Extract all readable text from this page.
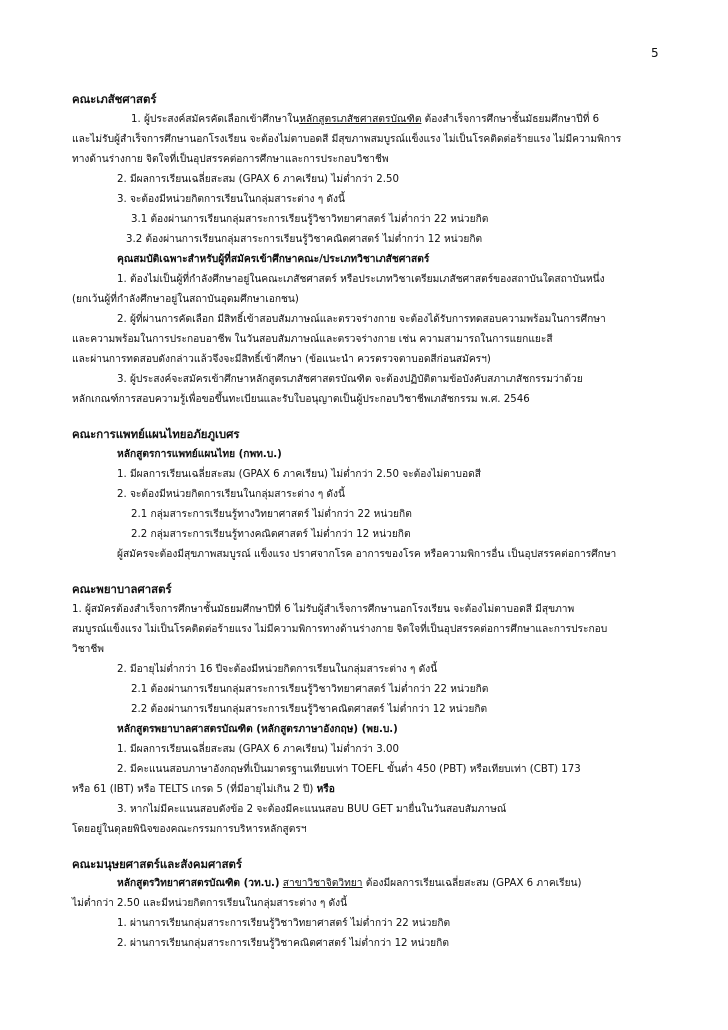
5
คณะเภสัชศาสตร์
1. ผู้ประสงค์สมัครคัดเลือกเข้าศึกษาในหลักสูตรเภสัชศาสตรบัณฑิต ต้องสำเร็จการศึกษาชั้นมัธยมศึกษาปีที่ 6
และไม่รับผู้สำเร็จการศึกษานอกโรงเรียน จะต้องไม่ตาบอดสี มีสุขภาพสมบูรณ์แข็งแรง ไม่เป็นโรคติดต่อร้ายแรง ไม่มีความพิการ
ทางด้านร่างกาย จิตใจที่เป็นอุปสรรคต่อการศึกษาและการประกอบวิชาชีพ
2. มีผลการเรียนเฉลี่ยสะสม (GPAX 6 ภาคเรียน) ไม่ต่ำกว่า 2.50
3. จะต้องมีหน่วยกิตการเรียนในกลุ่มสาระต่าง ๆ ดังนี้
3.1 ต้องผ่านการเรียนกลุ่มสาระการเรียนรู้วิชาวิทยาศาสตร์ ไม่ต่ำกว่า 22 หน่วยกิต
3.2 ต้องผ่านการเรียนกลุ่มสาระการเรียนรู้วิชาคณิตศาสตร์ ไม่ต่ำกว่า 12 หน่วยกิต
คุณสมบัติเฉพาะสำหรับผู้ที่สมัครเข้าศึกษาคณะ/ประเภทวิชาเภสัชศาสตร์
1. ต้องไม่เป็นผู้ที่กำลังศึกษาอยู่ในคณะเภสัชศาสตร์ หรือประเภทวิชาเตรียมเภสัชศาสตร์ของสถาบันใดสถาบันหนึ่ง
(ยกเว้นผู้ที่กำลังศึกษาอยู่ในสถาบันอุดมศึกษาเอกชน)
2. ผู้ที่ผ่านการคัดเลือก มีสิทธิ์เข้าสอบสัมภาษณ์และตรวจร่างกาย จะต้องได้รับการทดสอบความพร้อมในการศึกษา
และความพร้อมในการประกอบอาชีพ ในวันสอบสัมภาษณ์และตรวจร่างกาย เช่น ความสามารถในการแยกแยะสี
และผ่านการทดสอบดังกล่าวแล้วจึงจะมีสิทธิ์เข้าศึกษา (ข้อแนะนำ ควรตรวจตาบอดสีก่อนสมัครฯ)
3. ผู้ประสงค์จะสมัครเข้าศึกษาหลักสูตรเภสัชศาสตรบัณฑิต จะต้องปฏิบัติตามข้อบังคับสภาเภสัชกรรมว่าด้วย
หลักเกณฑ์การสอบความรู้เพื่อขอขึ้นทะเบียนและรับใบอนุญาตเป็นผู้ประกอบวิชาชีพเภสัชกรรม พ.ศ. 2546
คณะการแพทย์แผนไทยอภัยภูเบศร
หลักสูตรการแพทย์แผนไทย (กพท.บ.)
1. มีผลการเรียนเฉลี่ยสะสม (GPAX 6 ภาคเรียน) ไม่ต่ำกว่า 2.50 จะต้องไม่ตาบอดสี
2. จะต้องมีหน่วยกิตการเรียนในกลุ่มสาระต่าง ๆ ดังนี้
2.1 กลุ่มสาระการเรียนรู้ทางวิทยาศาสตร์ ไม่ต่ำกว่า 22 หน่วยกิต
2.2 กลุ่มสาระการเรียนรู้ทางคณิตศาสตร์ ไม่ต่ำกว่า 12 หน่วยกิต
ผู้สมัครจะต้องมีสุขภาพสมบูรณ์ แข็งแรง ปราศจากโรค อาการของโรค หรือความพิการอื่น เป็นอุปสรรคต่อการศึกษา
คณะพยาบาลศาสตร์
1. ผู้สมัครต้องสำเร็จการศึกษาชั้นมัธยมศึกษาปีที่ 6 ไม่รับผู้สำเร็จการศึกษานอกโรงเรียน จะต้องไม่ตาบอดสี มีสุขภาพ
สมบูรณ์แข็งแรง ไม่เป็นโรคติดต่อร้ายแรง ไม่มีความพิการทางด้านร่างกาย จิตใจที่เป็นอุปสรรคต่อการศึกษาและการประกอบ
วิชาชีพ
2. มีอายุไม่ต่ำกว่า 16 ปีจะต้องมีหน่วยกิตการเรียนในกลุ่มสาระต่าง ๆ ดังนี้
2.1 ต้องผ่านการเรียนกลุ่มสาระการเรียนรู้วิชาวิทยาศาสตร์ ไม่ต่ำกว่า 22 หน่วยกิต
2.2 ต้องผ่านการเรียนกลุ่มสาระการเรียนรู้วิชาคณิตศาสตร์ ไม่ต่ำกว่า 12 หน่วยกิต
หลักสูตรพยาบาลศาสตรบัณฑิต (หลักสูตรภาษาอังกฤษ) (พย.บ.)
1. มีผลการเรียนเฉลี่ยสะสม (GPAX 6 ภาคเรียน) ไม่ต่ำกว่า 3.00
2. มีคะแนนสอบภาษาอังกฤษที่เป็นมาตรฐานเทียบเท่า TOEFL ขั้นต่ำ 450 (PBT) หรือเทียบเท่า (CBT) 173
หรือ 61 (IBT) หรือ TELTS เกรด 5 (ที่มีอายุไม่เกิน 2 ปี) หรือ
3. หากไม่มีคะแนนสอบดังข้อ 2 จะต้องมีคะแนนสอบ BUU GET มายื่นในวันสอบสัมภาษณ์
โดยอยู่ในดุลยพินิจของคณะกรรมการบริหารหลักสูตรฯ
คณะมนุษยศาสตร์และสังคมศาสตร์
หลักสูตรวิทยาศาสตรบัณฑิต (วท.บ.) สาขาวิชาจิตวิทยา ต้องมีผลการเรียนเฉลี่ยสะสม (GPAX 6 ภาคเรียน)
ไม่ต่ำกว่า 2.50 และมีหน่วยกิตการเรียนในกลุ่มสาระต่าง ๆ ดังนี้
1. ผ่านการเรียนกลุ่มสาระการเรียนรู้วิชาวิทยาศาสตร์ ไม่ต่ำกว่า 22 หน่วยกิต
2. ผ่านการเรียนกลุ่มสาระการเรียนรู้วิชาคณิตศาสตร์ ไม่ต่ำกว่า 12 หน่วยกิต
